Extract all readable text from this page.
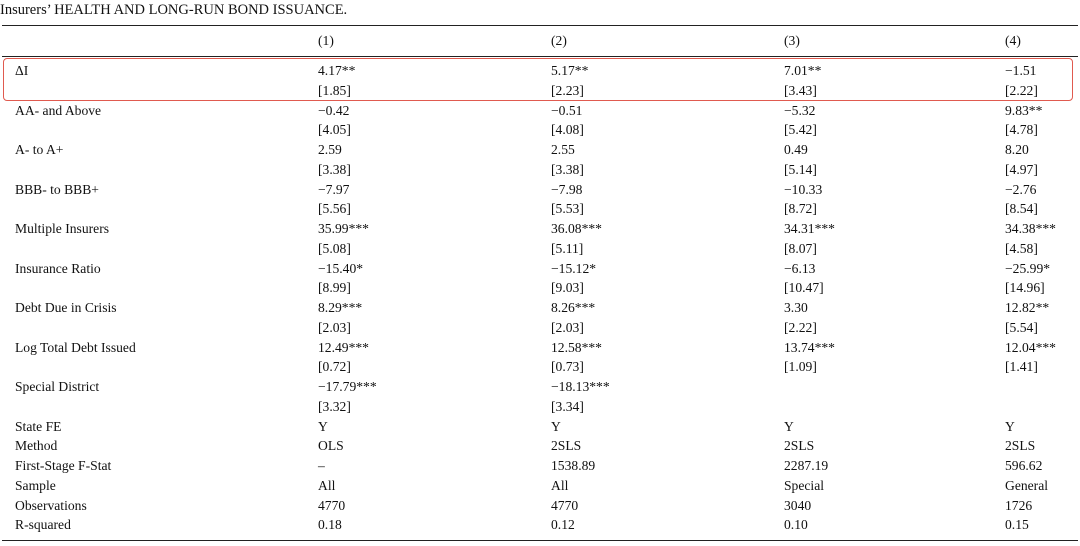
Insurers’ HEALTH AND LONG-RUN BOND ISSUANCE.
(1)	(2)	(3)	(4)
ΔI	4.17**	5.17**	7.01**	−1.51
[1.85]	[2.23]	[3.43]	[2.22]
AA- and Above	−0.42	−0.51	−5.32	9.83**
[4.05]	[4.08]	[5.42]	[4.78]
A- to A+	2.59	2.55	0.49	8.20
[3.38]	[3.38]	[5.14]	[4.97]
BBB- to BBB+	−7.97	−7.98	−10.33	−2.76
[5.56]	[5.53]	[8.72]	[8.54]
Multiple Insurers	35.99***	36.08***	34.31***	34.38***
[5.08]	[5.11]	[8.07]	[4.58]
Insurance Ratio	−15.40*	−15.12*	−6.13	−25.99*
[8.99]	[9.03]	[10.47]	[14.96]
Debt Due in Crisis	8.29***	8.26***	3.30	12.82**
[2.03]	[2.03]	[2.22]	[5.54]
Log Total Debt Issued	12.49***	12.58***	13.74***	12.04***
[0.72]	[0.73]	[1.09]	[1.41]
Special District	−17.79***	−18.13***
[3.32]	[3.34]
State FE	Y	Y	Y	Y
Method	OLS	2SLS	2SLS	2SLS
First-Stage F-Stat	–	1538.89	2287.19	596.62
Sample	All	All	Special	General
Observations	4770	4770	3040	1726
R-squared	0.18	0.12	0.10	0.15
